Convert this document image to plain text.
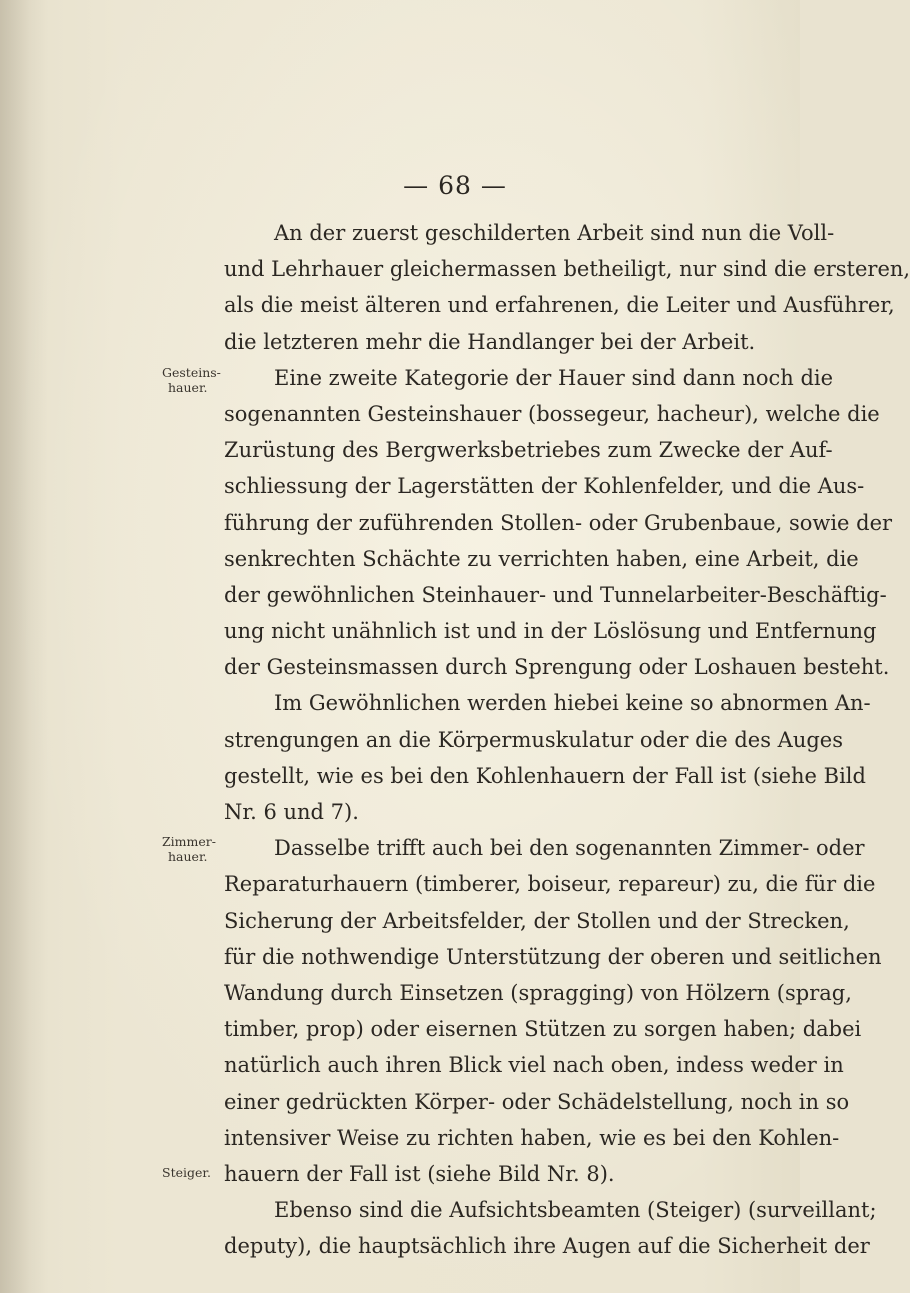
— 68 —
Gesteins-
hauer.
Zimmer-
hauer.
Steiger.
An der zuerst geschilderten Arbeit sind nun die Voll-
und Lehrhauer gleichermassen betheiligt, nur sind die ersteren,
als die meist älteren und erfahrenen, die Leiter und Ausführer,
die letzteren mehr die Handlanger bei der Arbeit.
Eine zweite Kategorie der Hauer sind dann noch die
sogenannten Gesteinshauer (bossegeur, hacheur), welche die
Zurüstung des Bergwerksbetriebes zum Zwecke der Auf-
schliessung der Lagerstätten der Kohlenfelder, und die Aus-
führung der zuführenden Stollen- oder Grubenbaue, sowie der
senkrechten Schächte zu verrichten haben, eine Arbeit, die
der gewöhnlichen Steinhauer- und Tunnelarbeiter-Beschäftig-
ung nicht unähnlich ist und in der Löslösung und Entfernung
der Gesteinsmassen durch Sprengung oder Loshauen besteht.
Im Gewöhnlichen werden hiebei keine so abnormen An-
strengungen an die Körpermuskulatur oder die des Auges
gestellt, wie es bei den Kohlenhauern der Fall ist (siehe Bild
Nr. 6 und 7).
Dasselbe trifft auch bei den sogenannten Zimmer- oder
Reparaturhauern (timberer, boiseur, repareur) zu, die für die
Sicherung der Arbeitsfelder, der Stollen und der Strecken,
für die nothwendige Unterstützung der oberen und seitlichen
Wandung durch Einsetzen (spragging) von Hölzern (sprag,
timber, prop) oder eisernen Stützen zu sorgen haben; dabei
natürlich auch ihren Blick viel nach oben, indess weder in
einer gedrückten Körper- oder Schädelstellung, noch in so
intensiver Weise zu richten haben, wie es bei den Kohlen-
hauern der Fall ist (siehe Bild Nr. 8).
Ebenso sind die Aufsichtsbeamten (Steiger) (surveillant;
deputy), die hauptsächlich ihre Augen auf die Sicherheit der
